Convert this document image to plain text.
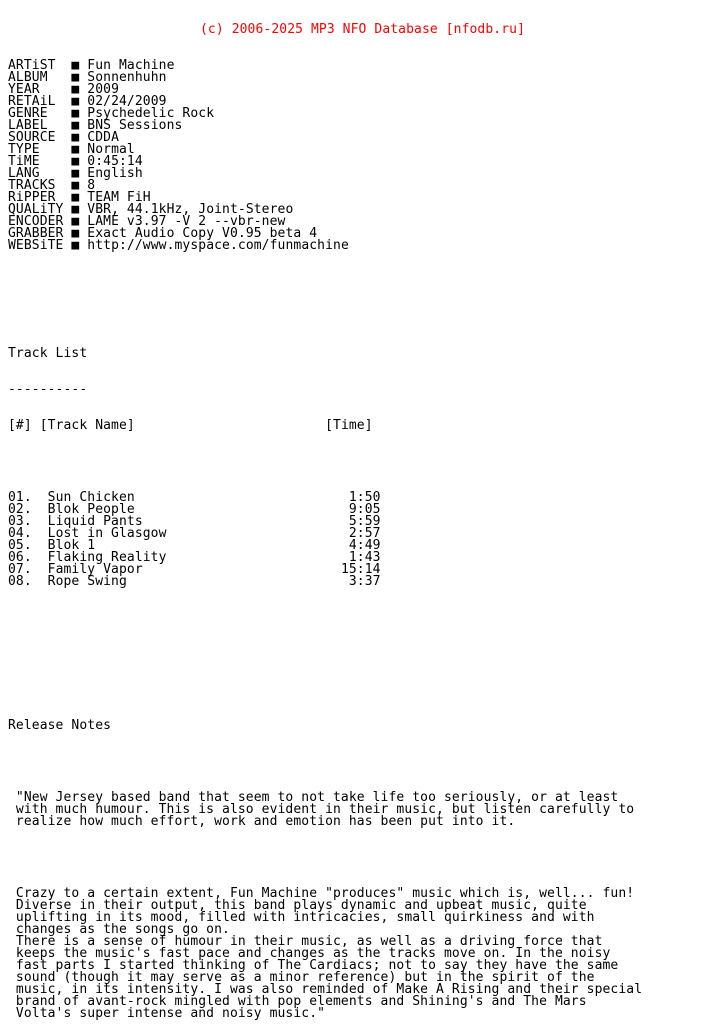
(c) 2006-2025 MP3 NFO Database [nfodb.ru]

ARTiST  ■ Fun Machine
ALBUM   ■ Sonnenhuhn
YEAR    ■ 2009
RETAiL  ■ 02/24/2009
GENRE   ■ Psychedelic Rock
LABEL   ■ BNS Sessions
SOURCE  ■ CDDA
TYPE    ■ Normal
TiME    ■ 0:45:14
LANG    ■ English
TRACKS  ■ 8
RiPPER  ■ TEAM FiH
QUALiTY ■ VBR, 44.1kHz, Joint-Stereo
ENCODER ■ LAME v3.97 -V 2 --vbr-new
GRABBER ■ Exact Audio Copy V0.95 beta 4
WEBSiTE ■ http://www.myspace.com/funmachine

Track List

----------

[#] [Track Name]	[Time]

01. Sun Chicken	1:50
02. Blok People	9:05
03. Liquid Pants	5:59
04. Lost in Glasgow	2:57
05. Blok 1	4:49
06. Flaking Reality	1:43
07. Family Vapor	15:14
08. Rope Swing	3:37

Release Notes

"New Jersey based band that seem to not take life too seriously, or at least
with much humour. This is also evident in their music, but listen carefully to
realize how much effort, work and emotion has been put into it.

Crazy to a certain extent, Fun Machine "produces" music which is, well... fun!
Diverse in their output, this band plays dynamic and upbeat music, quite
uplifting in its mood, filled with intricacies, small quirkiness and with
changes as the songs go on.
There is a sense of humour in their music, as well as a driving force that
keeps the music's fast pace and changes as the tracks move on. In the noisy
fast parts I started thinking of The Cardiacs; not to say they have the same
sound (though it may serve as a minor reference) but in the spirit of the
music, in its intensity. I was also reminded of Make A Rising and their special
brand of avant-rock mingled with pop elements and Shining's and The Mars
Volta's super intense and noisy music."
